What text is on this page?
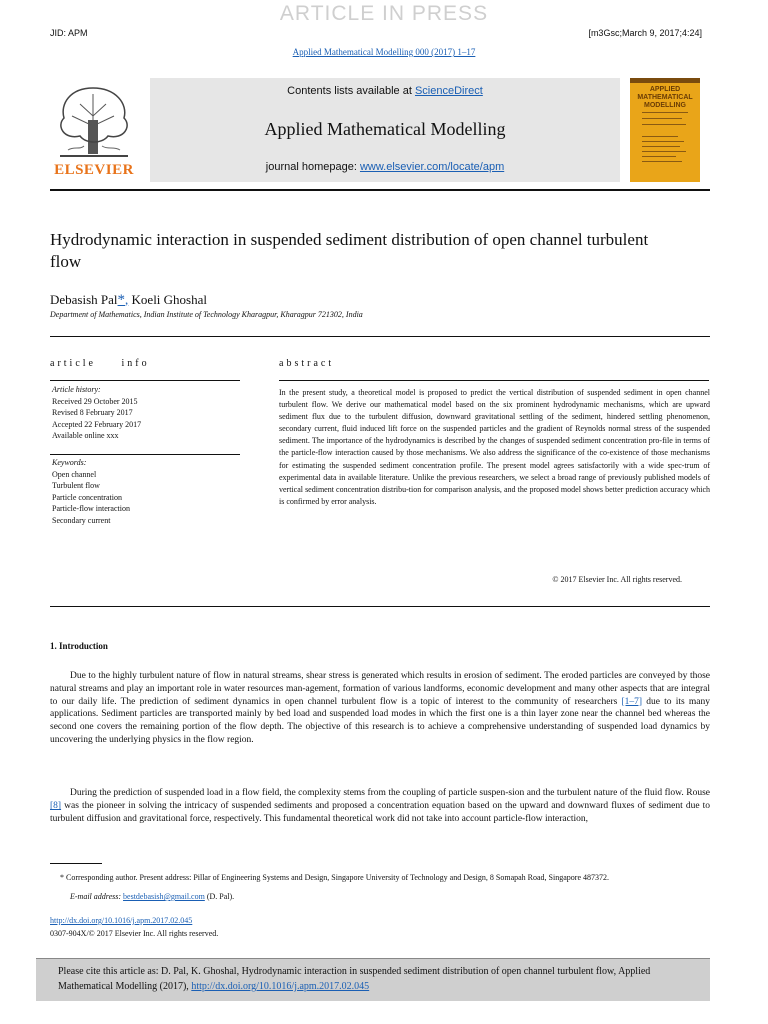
ARTICLE IN PRESS
JID: APM	[m3Gsc;March 9, 2017;4:24]
Applied Mathematical Modelling 000 (2017) 1–17
ELSEVIER
Contents lists available at ScienceDirect
Applied Mathematical Modelling
journal homepage: www.elsevier.com/locate/apm
APPLIED MATHEMATICAL MODELLING
Hydrodynamic interaction in suspended sediment distribution of open channel turbulent flow
Debasish Pal*, Koeli Ghoshal
Department of Mathematics, Indian Institute of Technology Kharagpur, Kharagpur 721302, India
article info	abstract
Article history:
Received 29 October 2015
Revised 8 February 2017
Accepted 22 February 2017
Available online xxx
Keywords:
Open channel
Turbulent flow
Particle concentration
Particle-flow interaction
Secondary current
In the present study, a theoretical model is proposed to predict the vertical distribution of suspended sediment in open channel turbulent flow. We derive our mathematical model based on the six prominent hydrodynamic mechanisms, which are upward sediment flux due to the turbulent diffusion, downward gravitational settling of the sediment, hindered settling phenomenon, secondary current, fluid induced lift force on the suspended particles and the gradient of Reynolds normal stress of the suspended sediment. The importance of the hydrodynamics is described by the changes of suspended sediment concentration pro-file in terms of the particle-flow interaction caused by those mechanisms. We also address the significance of the co-existence of those mechanisms for estimating the suspended sediment concentration profile. The present model agrees satisfactorily with a wide spec-trum of experimental data in available literature. Unlike the previous researchers, we select a broad range of previously published models of vertical sediment concentration distribu-tion for comparison analysis, and the proposed model shows better prediction accuracy which is confirmed by error analysis.
© 2017 Elsevier Inc. All rights reserved.
1. Introduction
Due to the highly turbulent nature of flow in natural streams, shear stress is generated which results in erosion of sediment. The eroded particles are conveyed by those natural streams and play an important role in water resources man-agement, formation of various landforms, economic development and many other aspects that are integral to our daily life. The prediction of sediment dynamics in open channel turbulent flow is a topic of interest to the community of researchers [1–7] due to its many applications. Sediment particles are transported mainly by bed load and suspended load modes in which the first one is a thin layer zone near the channel bed whereas the second one covers the remaining portion of the flow depth. The objective of this research is to achieve a comprehensive understanding of suspended load dynamics by uncovering the underlying physics in the flow region.
During the prediction of suspended load in a flow field, the complexity stems from the coupling of particle suspen-sion and the turbulent nature of the fluid flow. Rouse [8] was the pioneer in solving the intricacy of suspended sediments and proposed a concentration equation based on the upward and downward fluxes of sediment due to turbulent diffusion and gravitational force, respectively. This fundamental theoretical work did not take into account particle-flow interaction,
* Corresponding author. Present address: Pillar of Engineering Systems and Design, Singapore University of Technology and Design, 8 Somapah Road, Singapore 487372.
E-mail address: bestdebasish@gmail.com (D. Pal).
http://dx.doi.org/10.1016/j.apm.2017.02.045
0307-904X/© 2017 Elsevier Inc. All rights reserved.
Please cite this article as: D. Pal, K. Ghoshal, Hydrodynamic interaction in suspended sediment distribution of open channel turbulent flow, Applied Mathematical Modelling (2017), http://dx.doi.org/10.1016/j.apm.2017.02.045
